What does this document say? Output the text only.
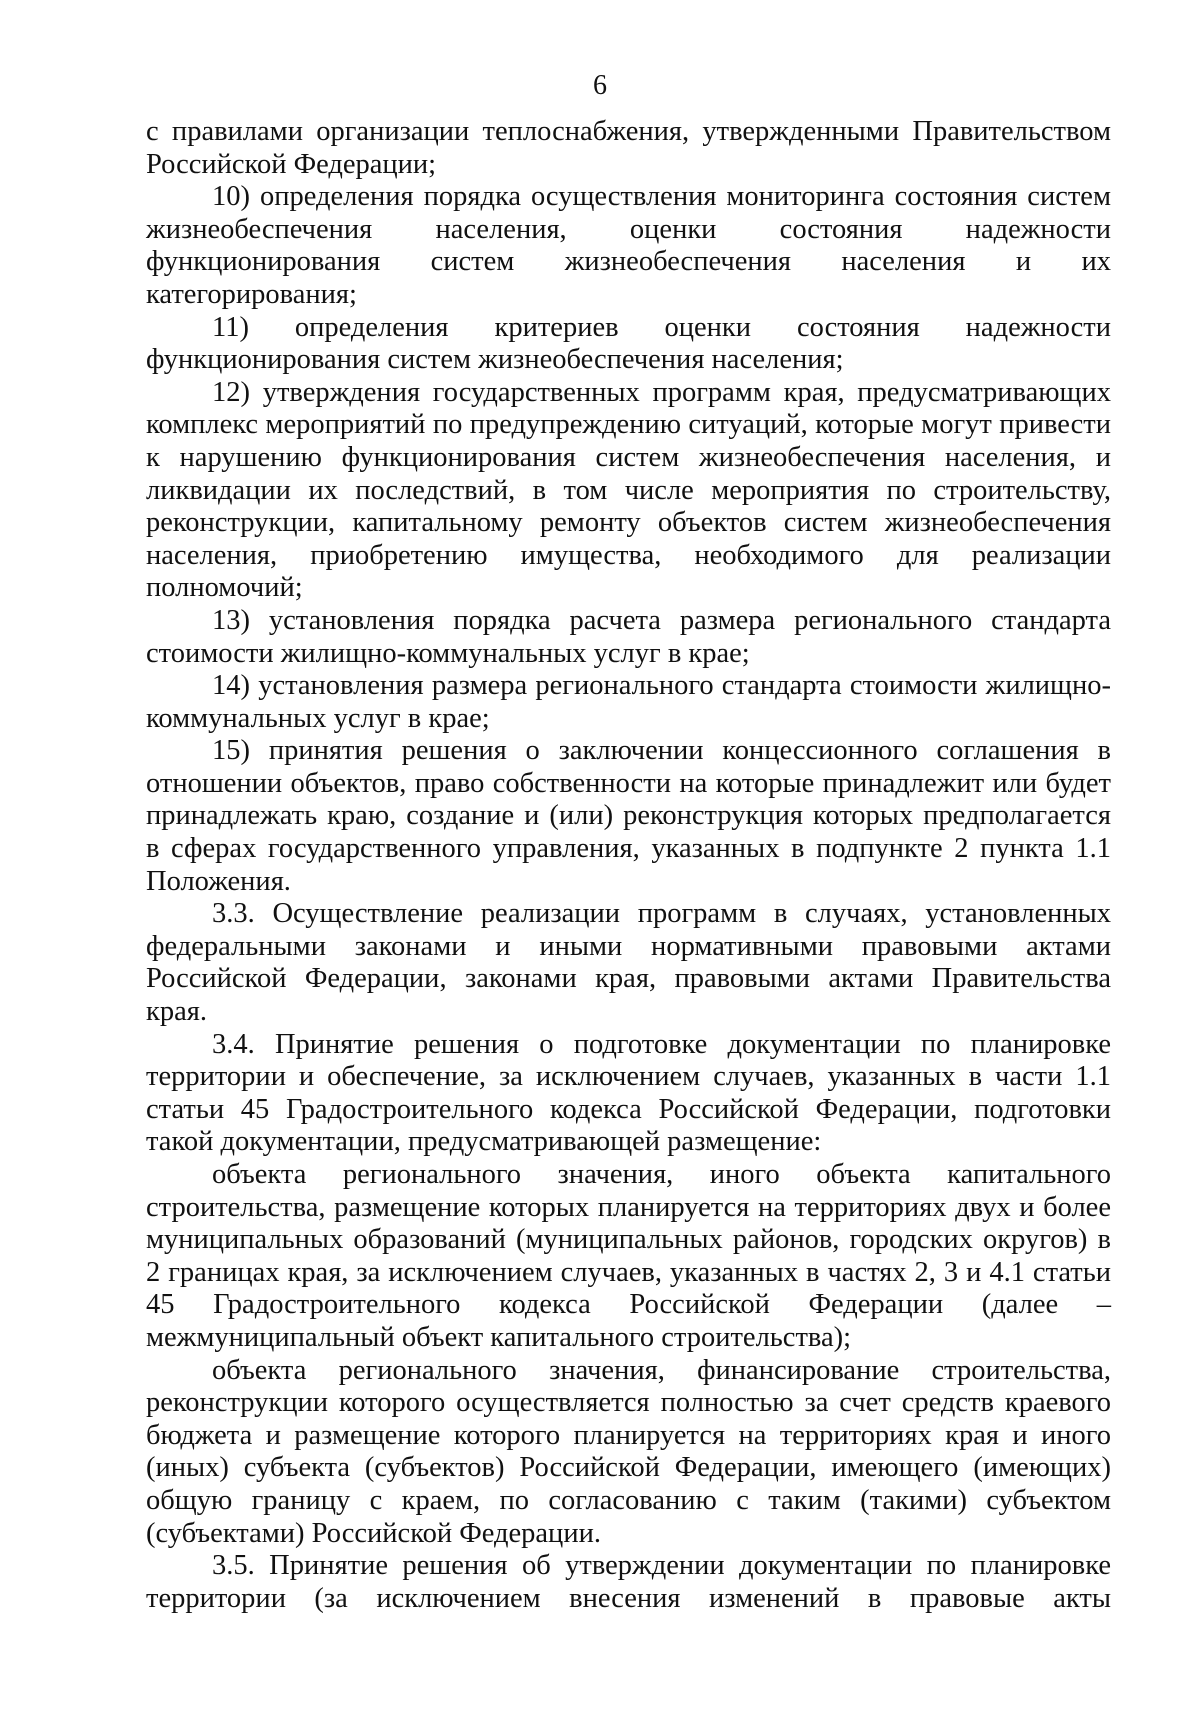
6

с правилами организации теплоснабжения, утвержденными Правительством Российской Федерации;

10) определения порядка осуществления мониторинга состояния систем жизнеобеспечения населения, оценки состояния надежности функционирования систем жизнеобеспечения населения и их категорирования;

11) определения критериев оценки состояния надежности функционирования систем жизнеобеспечения населения;

12) утверждения государственных программ края, предусматривающих комплекс мероприятий по предупреждению ситуаций, которые могут привести к нарушению функционирования систем жизнеобеспечения населения, и ликвидации их последствий, в том числе мероприятия по строительству, реконструкции, капитальному ремонту объектов систем жизнеобеспечения населения, приобретению имущества, необходимого для реализации полномочий;

13) установления порядка расчета размера регионального стандарта стоимости жилищно-коммунальных услуг в крае;

14) установления размера регионального стандарта стоимости жилищно-коммунальных услуг в крае;

15) принятия решения о заключении концессионного соглашения в отношении объектов, право собственности на которые принадлежит или будет принадлежать краю, создание и (или) реконструкция которых предполагается в сферах государственного управления, указанных в подпункте 2 пункта 1.1 Положения.

3.3. Осуществление реализации программ в случаях, установленных федеральными законами и иными нормативными правовыми актами Российской Федерации, законами края, правовыми актами Правительства края.

3.4. Принятие решения о подготовке документации по планировке территории и обеспечение, за исключением случаев, указанных в части 1.1 статьи 45 Градостроительного кодекса Российской Федерации, подготовки такой документации, предусматривающей размещение:

объекта регионального значения, иного объекта капитального строительства, размещение которых планируется на территориях двух и более муниципальных образований (муниципальных районов, городских округов) в 2 границах края, за исключением случаев, указанных в частях 2, 3 и 4.1 статьи 45 Градостроительного кодекса Российской Федерации (далее – межмуниципальный объект капитального строительства);

объекта регионального значения, финансирование строительства, реконструкции которого осуществляется полностью за счет средств краевого бюджета и размещение которого планируется на территориях края и иного (иных) субъекта (субъектов) Российской Федерации, имеющего (имеющих) общую границу с краем, по согласованию с таким (такими) субъектом (субъектами) Российской Федерации.

3.5. Принятие решения об утверждении документации по планировке территории (за исключением внесения изменений в правовые акты
